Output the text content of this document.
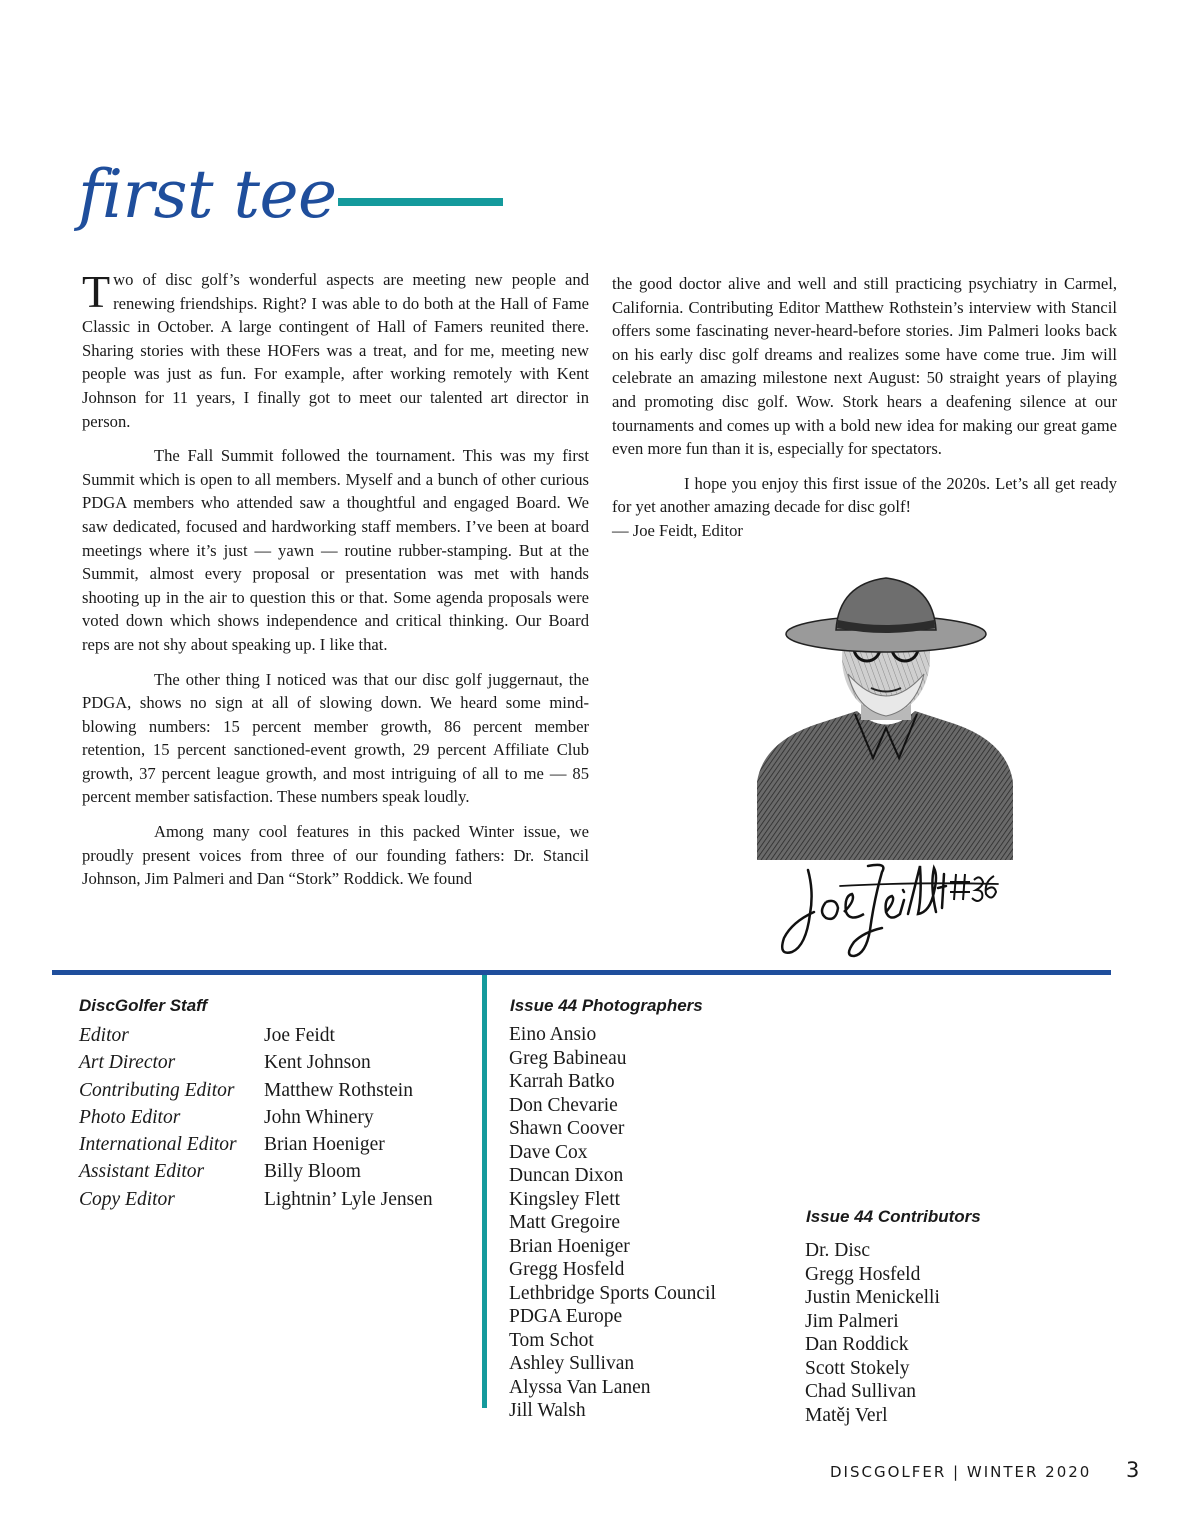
first tee

Two of disc golf’s wonderful aspects are meeting new people and renewing friendships. Right? I was able to do both at the Hall of Fame Classic in October. A large contingent of Hall of Famers reunited there. Sharing stories with these HOFers was a treat, and for me, meeting new people was just as fun. For example, after working remotely with Kent Johnson for 11 years, I finally got to meet our talented art director in person.

The Fall Summit followed the tournament. This was my first Summit which is open to all members. Myself and a bunch of other curious PDGA members who attended saw a thoughtful and engaged Board. We saw dedicated, focused and hardworking staff members. I’ve been at board meetings where it’s just — yawn — routine rubber-stamping. But at the Summit, almost every proposal or presentation was met with hands shooting up in the air to question this or that. Some agenda proposals were voted down which shows independence and critical thinking. Our Board reps are not shy about speaking up. I like that.

The other thing I noticed was that our disc golf juggernaut, the PDGA, shows no sign at all of slowing down. We heard some mind-blowing numbers: 15 percent member growth, 86 percent member retention, 15 percent sanctioned-event growth, 29 percent Affiliate Club growth, 37 percent league growth, and most intriguing of all to me — 85 percent member satisfaction. These numbers speak loudly.

Among many cool features in this packed Winter issue, we proudly present voices from three of our founding fathers: Dr. Stancil Johnson, Jim Palmeri and Dan “Stork” Roddick. We found

the good doctor alive and well and still practicing psychiatry in Carmel, California. Contributing Editor Matthew Rothstein’s interview with Stancil offers some fascinating never-heard-before stories. Jim Palmeri looks back on his early disc golf dreams and realizes some have come true. Jim will celebrate an amazing milestone next August: 50 straight years of playing and promoting disc golf. Wow. Stork hears a deafening silence at our tournaments and comes up with a bold new idea for making our great game even more fun than it is, especially for spectators.

I hope you enjoy this first issue of the 2020s. Let’s all get ready for yet another amazing decade for disc golf!

— Joe Feidt, Editor
DiscGolfer Staff
Editor	Joe Feidt
Art Director	Kent Johnson
Contributing Editor	Matthew Rothstein
Photo Editor	John Whinery
International Editor	Brian Hoeniger
Assistant Editor	Billy Bloom
Copy Editor	Lightnin’ Lyle Jensen
Issue 44 Photographers
Eino Ansio
Greg Babineau
Karrah Batko
Don Chevarie
Shawn Coover
Dave Cox
Duncan Dixon
Kingsley Flett
Matt Gregoire
Brian Hoeniger
Gregg Hosfeld
Lethbridge Sports Council
PDGA Europe
Tom Schot
Ashley Sullivan
Alyssa Van Lanen
Jill Walsh
Issue 44 Contributors
Dr. Disc
Gregg Hosfeld
Justin Menickelli
Jim Palmeri
Dan Roddick
Scott Stokely
Chad Sullivan
Matěj Verl
DISCGOLFER | WINTER 2020 3
